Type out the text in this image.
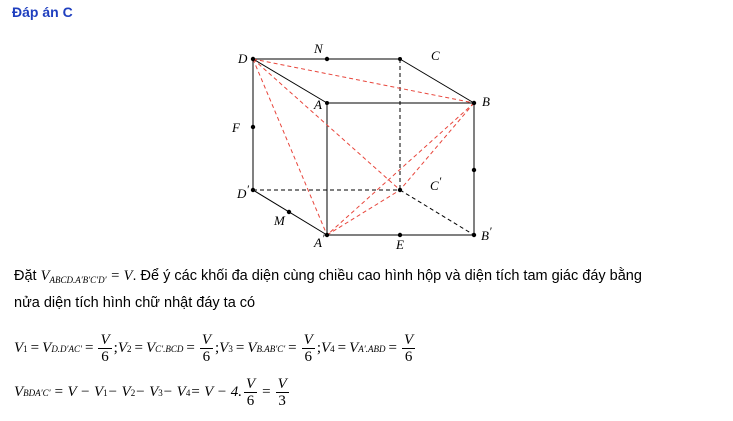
Đáp án C
D
N	C
A	B
F
C′
D′
M
A′	E
B′
Đặt $V_{ABCD.A'B'C'D'} = V$. Để ý các khối đa diện cùng chiều cao hình hộp và diện tích tam giác đáy bằng
nửa diện tích hình chữ nhật đáy ta có
V 1 = V $D.D'AC' = \frac{V}{6}$ ; V 2 = V $C'.BCD = \frac{V}{6}$ ; V 3 = V $B.AB'C' = \frac{V}{6}$ ; V 4 = V $A'.ABD = \frac{V}{6}$
V BDA′C′ = V − V 1 − V 2 − V 3 − V 4 = V − 4. $\frac{V}{6} = \frac{V}{3}$
